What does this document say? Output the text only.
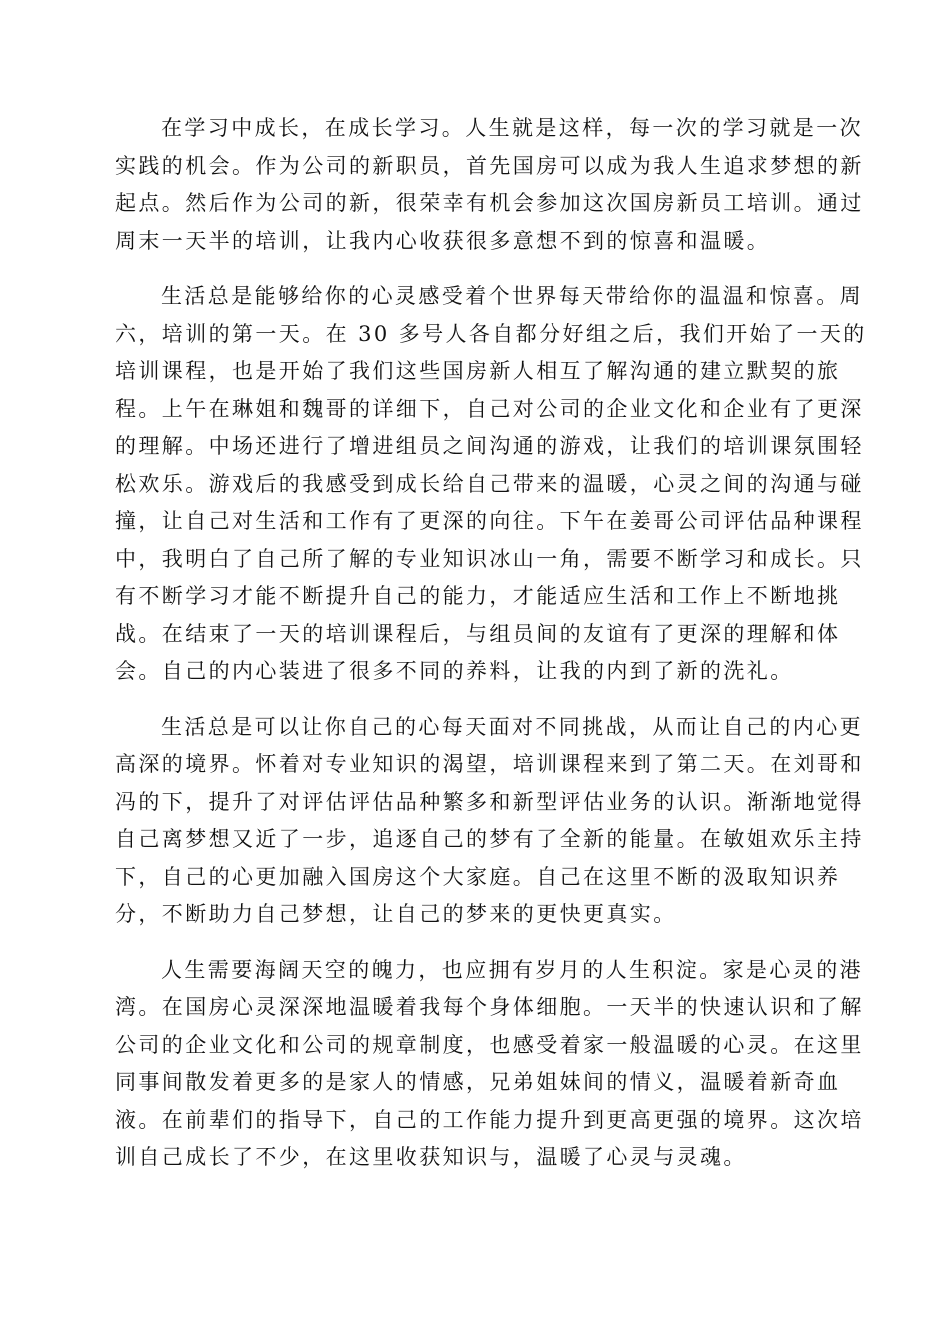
在学习中成长，在成长学习。人生就是这样，每一次的学习就是一次
实践的机会。作为公司的新职员，首先国房可以成为我人生追求梦想的新
起点。然后作为公司的新，很荣幸有机会参加这次国房新员工培训。通过
周末一天半的培训，让我内心收获很多意想不到的惊喜和温暖。
生活总是能够给你的心灵感受着个世界每天带给你的温温和惊喜。周
六，培训的第一天。在 30 多号人各自都分好组之后，我们开始了一天的
培训课程，也是开始了我们这些国房新人相互了解沟通的建立默契的旅
程。上午在琳姐和魏哥的详细下，自己对公司的企业文化和企业有了更深
的理解。中场还进行了增进组员之间沟通的游戏，让我们的培训课氛围轻
松欢乐。游戏后的我感受到成长给自己带来的温暖，心灵之间的沟通与碰
撞，让自己对生活和工作有了更深的向往。下午在姜哥公司评估品种课程
中，我明白了自己所了解的专业知识冰山一角，需要不断学习和成长。只
有不断学习才能不断提升自己的能力，才能适应生活和工作上不断地挑
战。在结束了一天的培训课程后，与组员间的友谊有了更深的理解和体
会。自己的内心装进了很多不同的养料，让我的内到了新的洗礼。
生活总是可以让你自己的心每天面对不同挑战，从而让自己的内心更
高深的境界。怀着对专业知识的渴望，培训课程来到了第二天。在刘哥和
冯的下，提升了对评估评估品种繁多和新型评估业务的认识。渐渐地觉得
自己离梦想又近了一步，追逐自己的梦有了全新的能量。在敏姐欢乐主持
下，自己的心更加融入国房这个大家庭。自己在这里不断的汲取知识养
分，不断助力自己梦想，让自己的梦来的更快更真实。
人生需要海阔天空的魄力，也应拥有岁月的人生积淀。家是心灵的港
湾。在国房心灵深深地温暖着我每个身体细胞。一天半的快速认识和了解
公司的企业文化和公司的规章制度，也感受着家一般温暖的心灵。在这里
同事间散发着更多的是家人的情感，兄弟姐妹间的情义，温暖着新奇血
液。在前辈们的指导下，自己的工作能力提升到更高更强的境界。这次培
训自己成长了不少，在这里收获知识与，温暖了心灵与灵魂。
